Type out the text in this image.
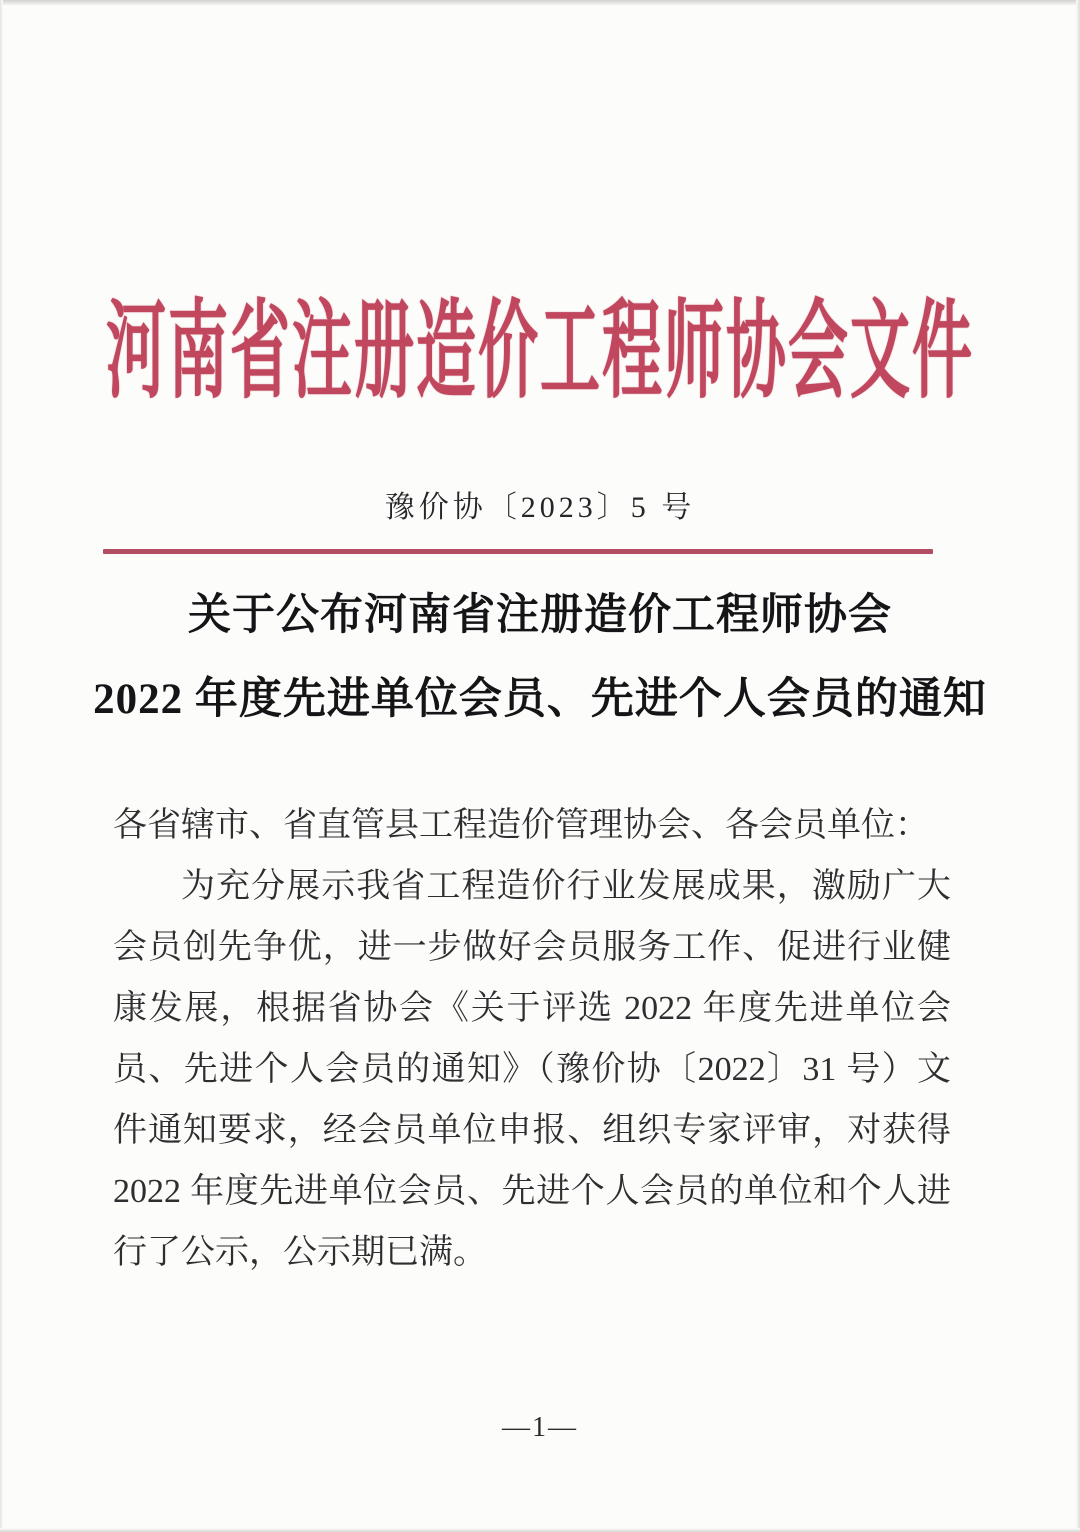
河南省注册造价工程师协会文件
豫价协〔2023〕5 号
关于公布河南省注册造价工程师协会
2022 年度先进单位会员、先进个人会员的通知

各省辖市、省直管县工程造价管理协会、各会员单位：

为充分展示我省工程造价行业发展成果，激励广大会员创先争优，进一步做好会员服务工作、促进行业健康发展，根据省协会《关于评选 2022 年度先进单位会员、先进个人会员的通知》（豫价协〔2022〕31 号）文件通知要求，经会员单位申报、组织专家评审，对获得 2022 年度先进单位会员、先进个人会员的单位和个人进行了公示，公示期已满。

—1—
